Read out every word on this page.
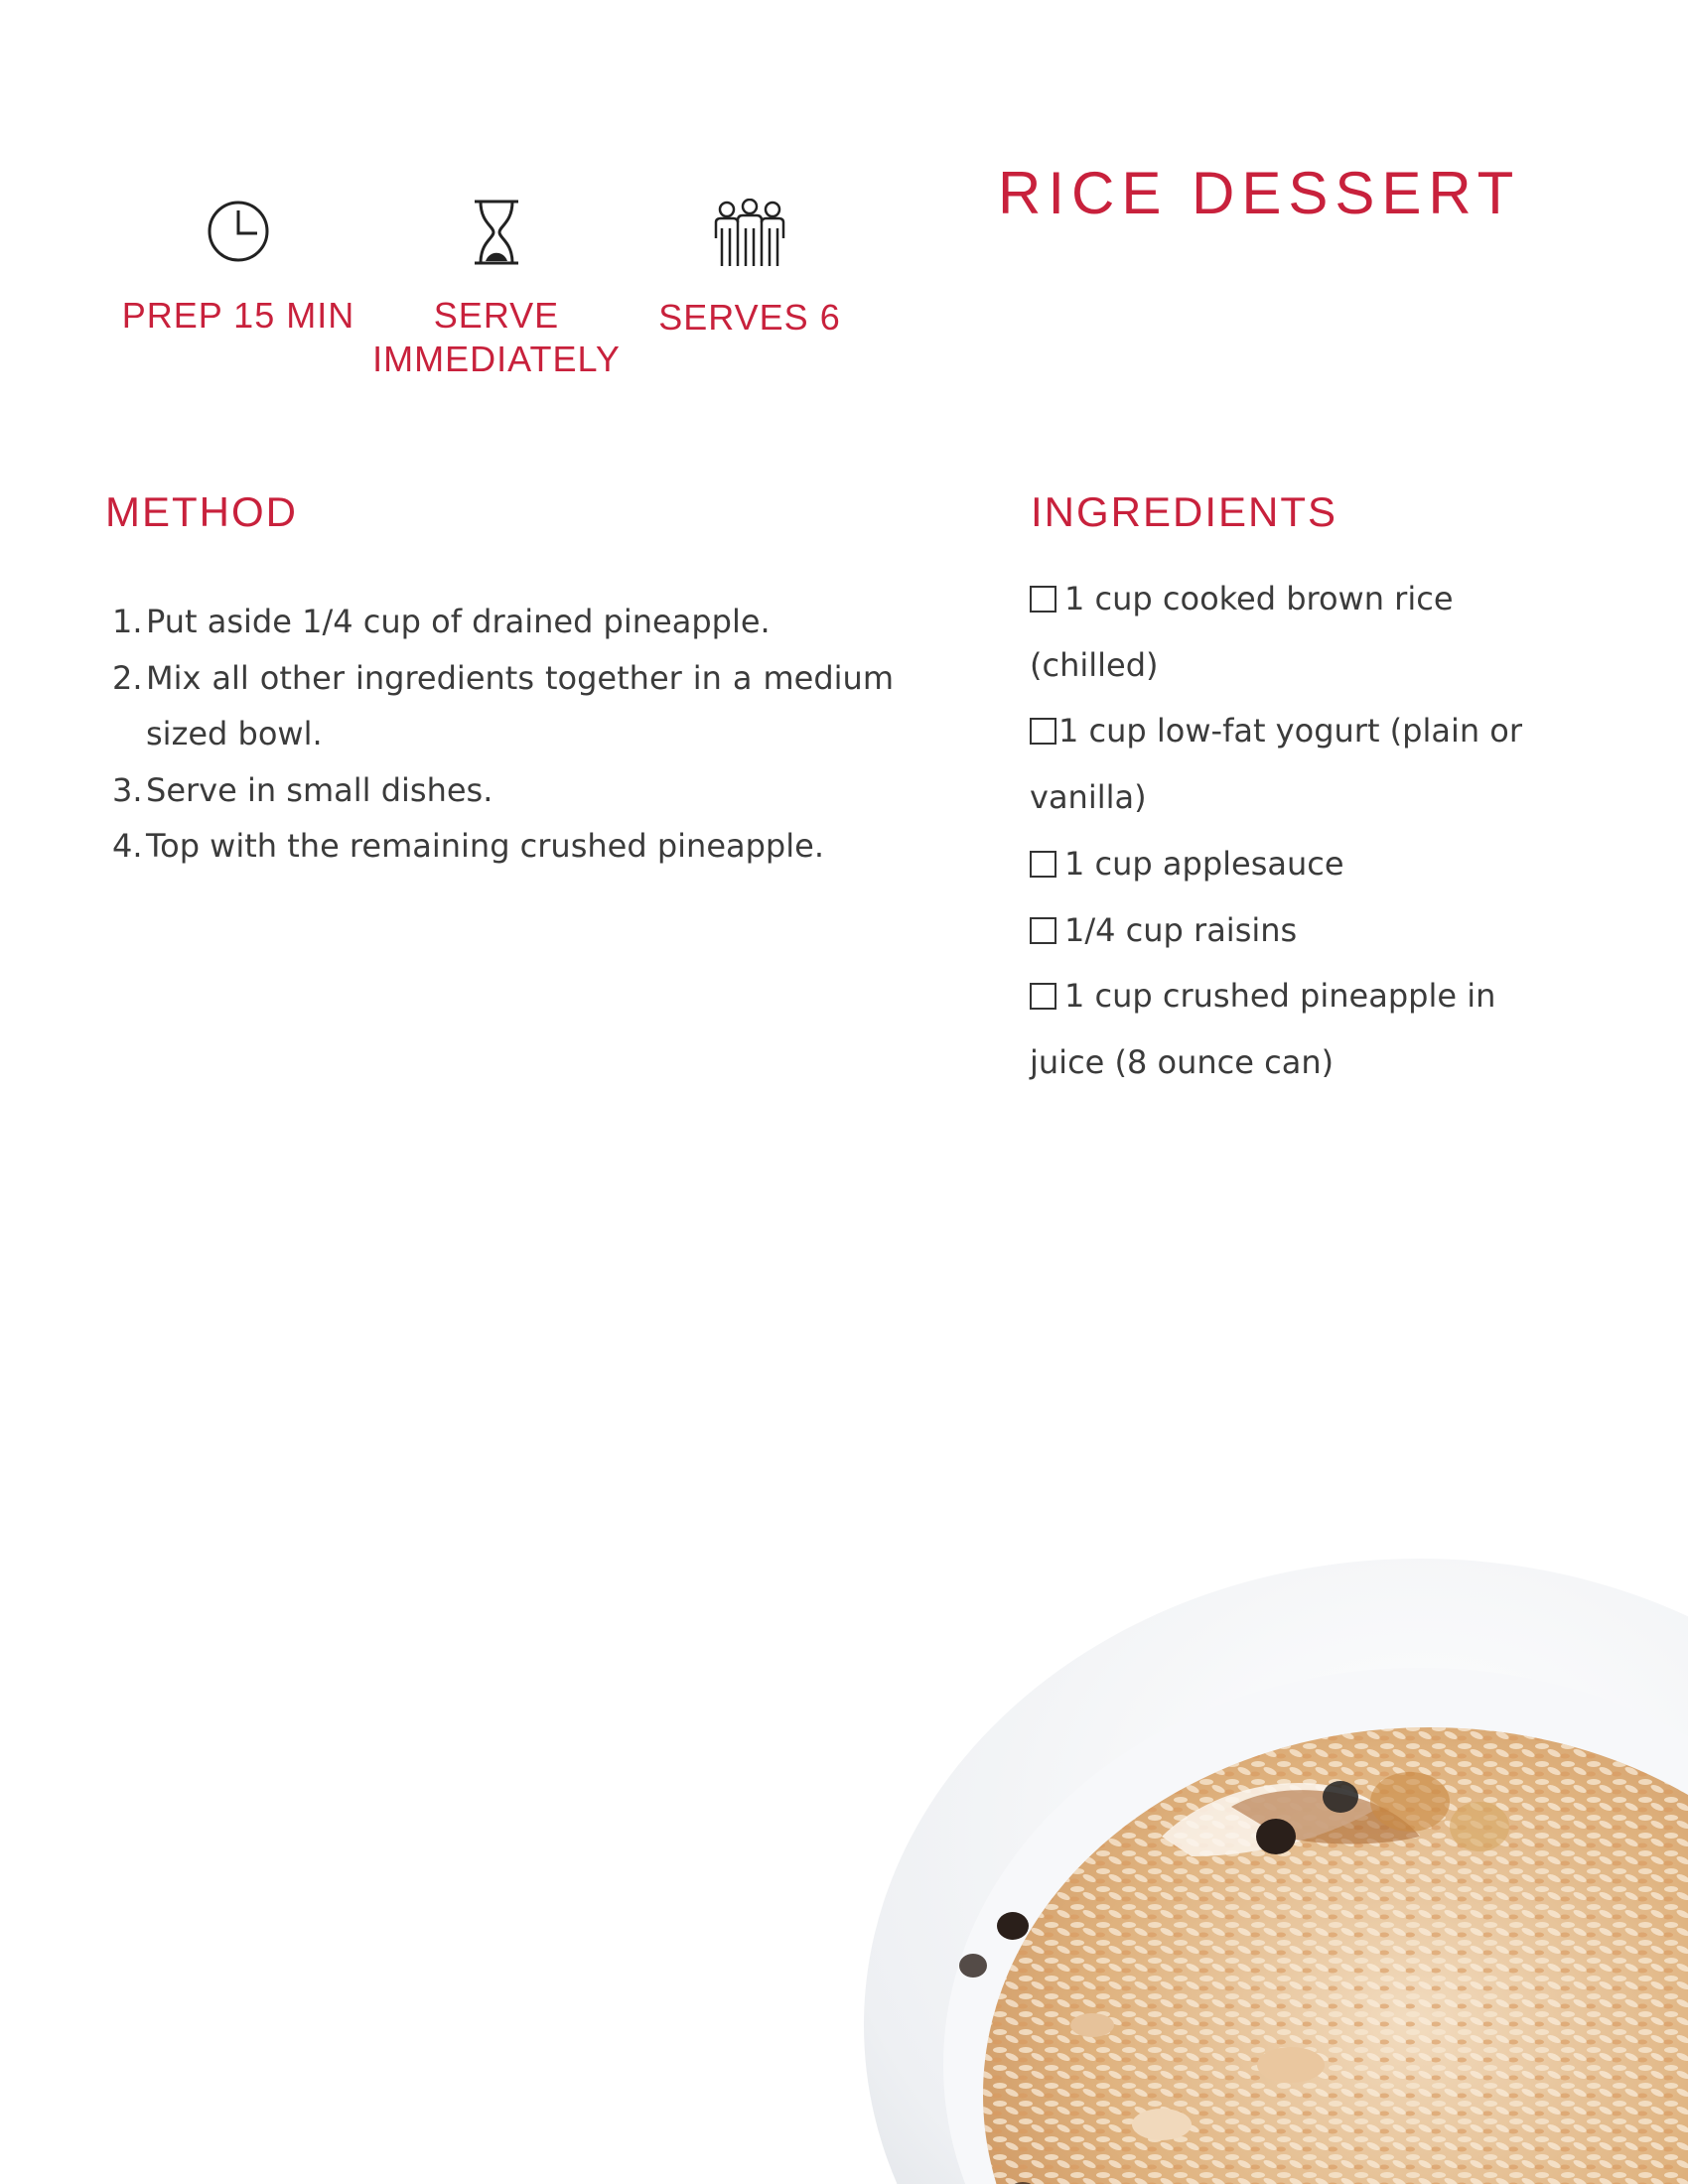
RICE DESSERT
PREP 15 MIN	SERVE IMMEDIATELY
SERVES 6
METHOD
1. Put aside 1/4 cup of drained pineapple.
2. Mix all other ingredients together in a medium sized bowl.
3. Serve in small dishes.
4. Top with the remaining crushed pineapple.
INGREDIENTS
1 cup cooked brown rice (chilled)
1 cup low-fat yogurt (plain or vanilla)
1 cup applesauce
1/4 cup raisins
1 cup crushed pineapple in juice (8 ounce can)
